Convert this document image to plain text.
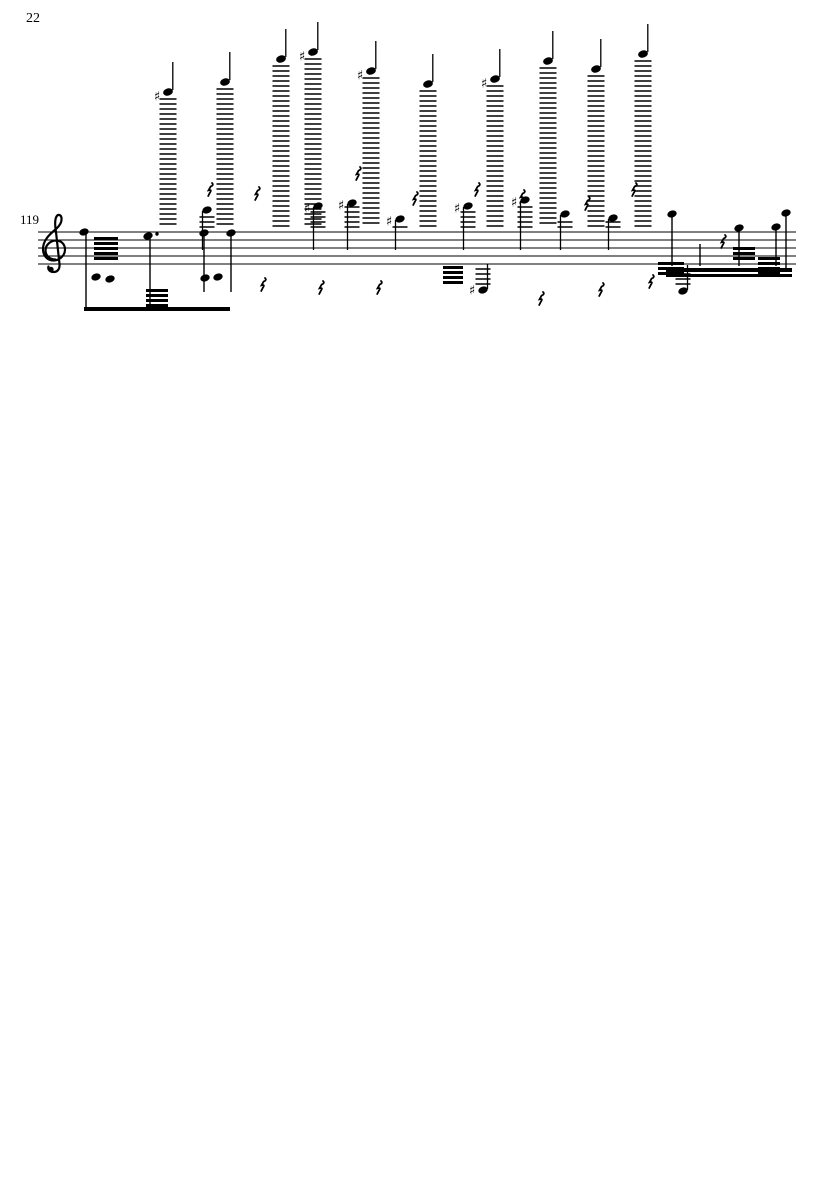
22
119
♯
♯
♯
♯
♯ ♯
♯
♯	♯
♯
